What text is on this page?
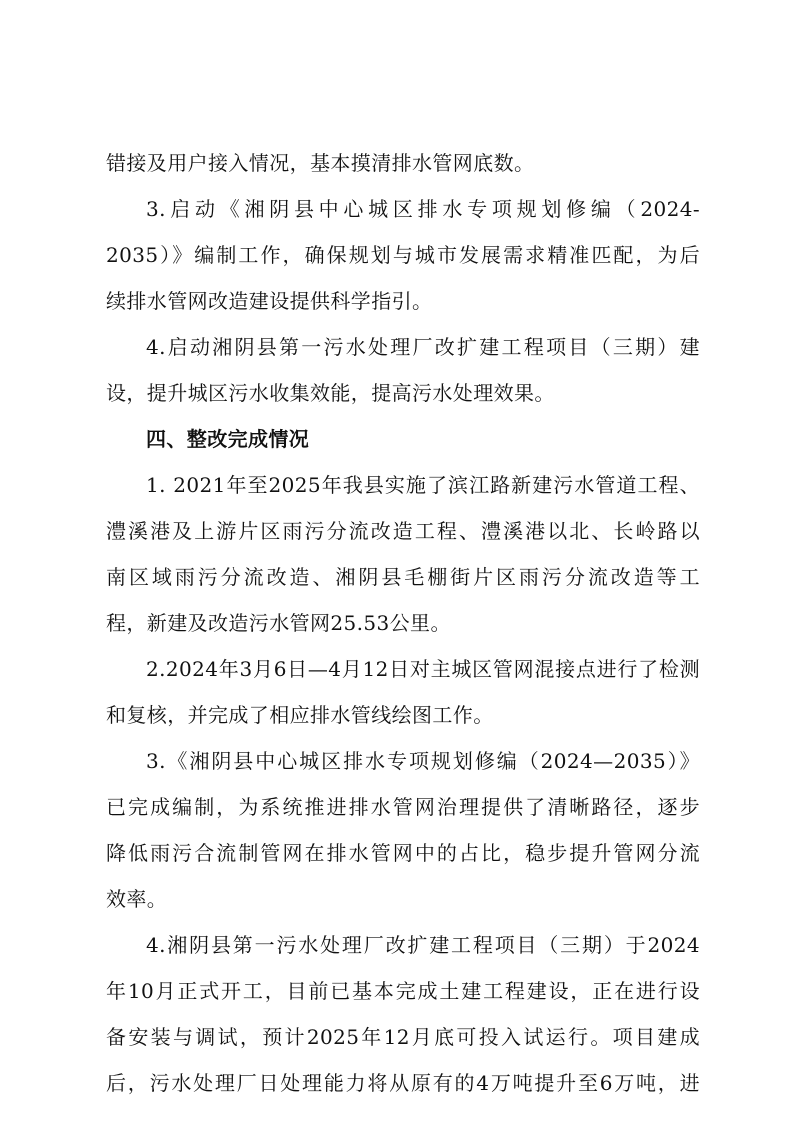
错接及用户接入情况，基本摸清排水管网底数。
3.启动《湘阴县中心城区排水专项规划修编（2024-
2035）》编制工作，确保规划与城市发展需求精准匹配，为后
续排水管网改造建设提供科学指引。
4.启动湘阴县第一污水处理厂改扩建工程项目（三期）建
设，提升城区污水收集效能，提高污水处理效果。
四、整改完成情况
1. 2021年至2025年我县实施了滨江路新建污水管道工程、
澧溪港及上游片区雨污分流改造工程、澧溪港以北、长岭路以
南区域雨污分流改造、湘阴县毛棚街片区雨污分流改造等工
程，新建及改造污水管网25.53公里。
2.2024年3月6日—4月12日对主城区管网混接点进行了检测
和复核，并完成了相应排水管线绘图工作。
3.《湘阴县中心城区排水专项规划修编（2024—2035）》
已完成编制，为系统推进排水管网治理提供了清晰路径，逐步
降低雨污合流制管网在排水管网中的占比，稳步提升管网分流
效率。
4.湘阴县第一污水处理厂改扩建工程项目（三期）于2024
年10月正式开工，目前已基本完成土建工程建设，正在进行设
备安装与调试，预计2025年12月底可投入试运行。项目建成
后，污水处理厂日处理能力将从原有的4万吨提升至6万吨，进
